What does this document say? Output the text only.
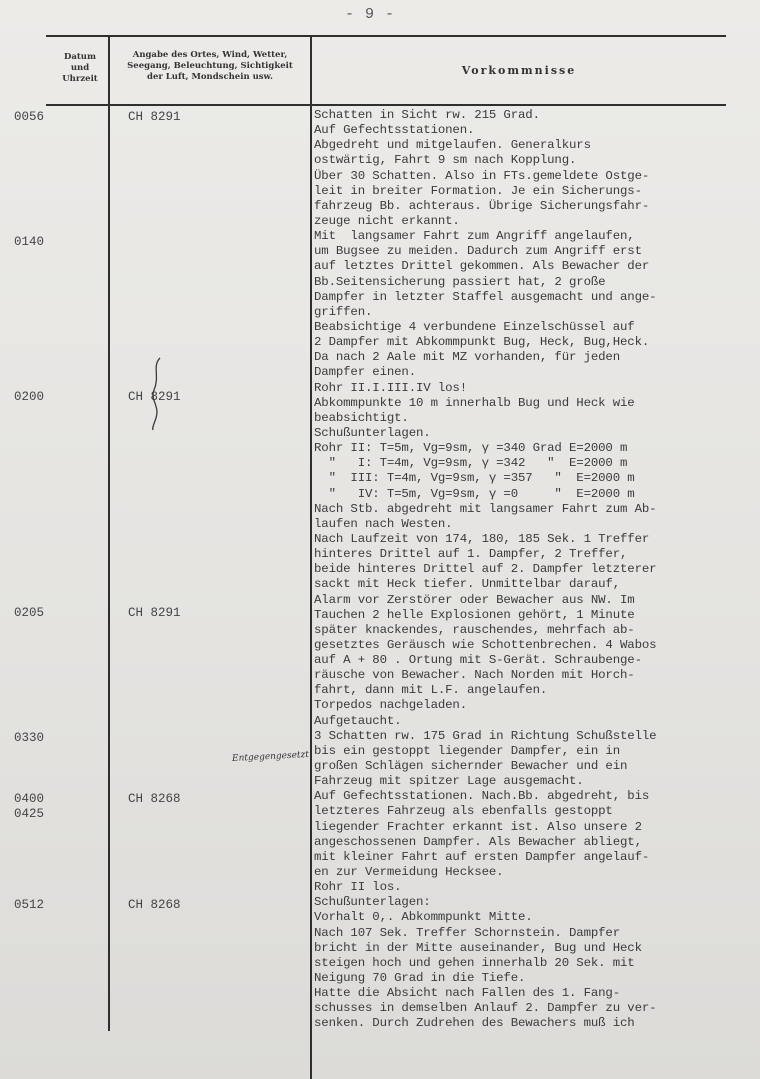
- 9 -
Datum
und
Uhrzeit
Angabe des Ortes, Wind, Wetter,
Seegang, Beleuchtung, Sichtigkeit
der Luft, Mondschein usw.	Vorkommnisse
0056
0140
0200
0205
0330
0400
0425
0512
CH 8291
CH 8291
CH 8291
CH 8268
CH 8268
Entgegengesetzt
Schatten in Sicht rw. 215 Grad.
Auf Gefechtsstationen.
Abgedreht und mitgelaufen. Generalkurs
ostwärtig, Fahrt 9 sm nach Kopplung.
Über 30 Schatten. Also in FTs.gemeldete Ostge-
leit in breiter Formation. Je ein Sicherungs-
fahrzeug Bb. achteraus. Übrige Sicherungsfahr-
zeuge nicht erkannt.
Mit  langsamer Fahrt zum Angriff angelaufen,
um Bugsee zu meiden. Dadurch zum Angriff erst
auf letztes Drittel gekommen. Als Bewacher der
Bb.Seitensicherung passiert hat, 2 große
Dampfer in letzter Staffel ausgemacht und ange-
griffen.
Beabsichtige 4 verbundene Einzelschüssel auf
2 Dampfer mit Abkommpunkt Bug, Heck, Bug,Heck.
Da nach 2 Aale mit MZ vorhanden, für jeden
Dampfer einen.
Rohr II.I.III.IV los!
Abkommpunkte 10 m innerhalb Bug und Heck wie
beabsichtigt.
Schußunterlagen.
Rohr II: T=5m, Vg=9sm, γ =340 Grad E=2000 m
"   I: T=4m, Vg=9sm, γ =342   "  E=2000 m
"  III: T=4m, Vg=9sm, γ =357   "  E=2000 m
"   IV: T=5m, Vg=9sm, γ =0     "  E=2000 m
Nach Stb. abgedreht mit langsamer Fahrt zum Ab-
laufen nach Westen.
Nach Laufzeit von 174, 180, 185 Sek. 1 Treffer
hinteres Drittel auf 1. Dampfer, 2 Treffer,
beide hinteres Drittel auf 2. Dampfer letzterer
sackt mit Heck tiefer. Unmittelbar darauf,
Alarm vor Zerstörer oder Bewacher aus NW. Im
Tauchen 2 helle Explosionen gehört, 1 Minute
später knackendes, rauschendes, mehrfach ab-
gesetztes Geräusch wie Schottenbrechen. 4 Wabos
auf A + 80 . Ortung mit S-Gerät. Schraubenge-
räusche von Bewacher. Nach Norden mit Horch-
fahrt, dann mit L.F. angelaufen.
Torpedos nachgeladen.
Aufgetaucht.
3 Schatten rw. 175 Grad in Richtung Schußstelle
bis ein gestoppt liegender Dampfer, ein in
großen Schlägen sichernder Bewacher und ein
Fahrzeug mit spitzer Lage ausgemacht.
Auf Gefechtsstationen. Nach.Bb. abgedreht, bis
letzteres Fahrzeug als ebenfalls gestoppt
liegender Frachter erkannt ist. Also unsere 2
angeschossenen Dampfer. Als Bewacher abliegt,
mit kleiner Fahrt auf ersten Dampfer angelauf-
en zur Vermeidung Hecksee.
Rohr II los.
Schußunterlagen:
Vorhalt 0,. Abkommpunkt Mitte.
Nach 107 Sek. Treffer Schornstein. Dampfer
bricht in der Mitte auseinander, Bug und Heck
steigen hoch und gehen innerhalb 20 Sek. mit
Neigung 70 Grad in die Tiefe.
Hatte die Absicht nach Fallen des 1. Fang-
schusses in demselben Anlauf 2. Dampfer zu ver-
senken. Durch Zudrehen des Bewachers muß ich
